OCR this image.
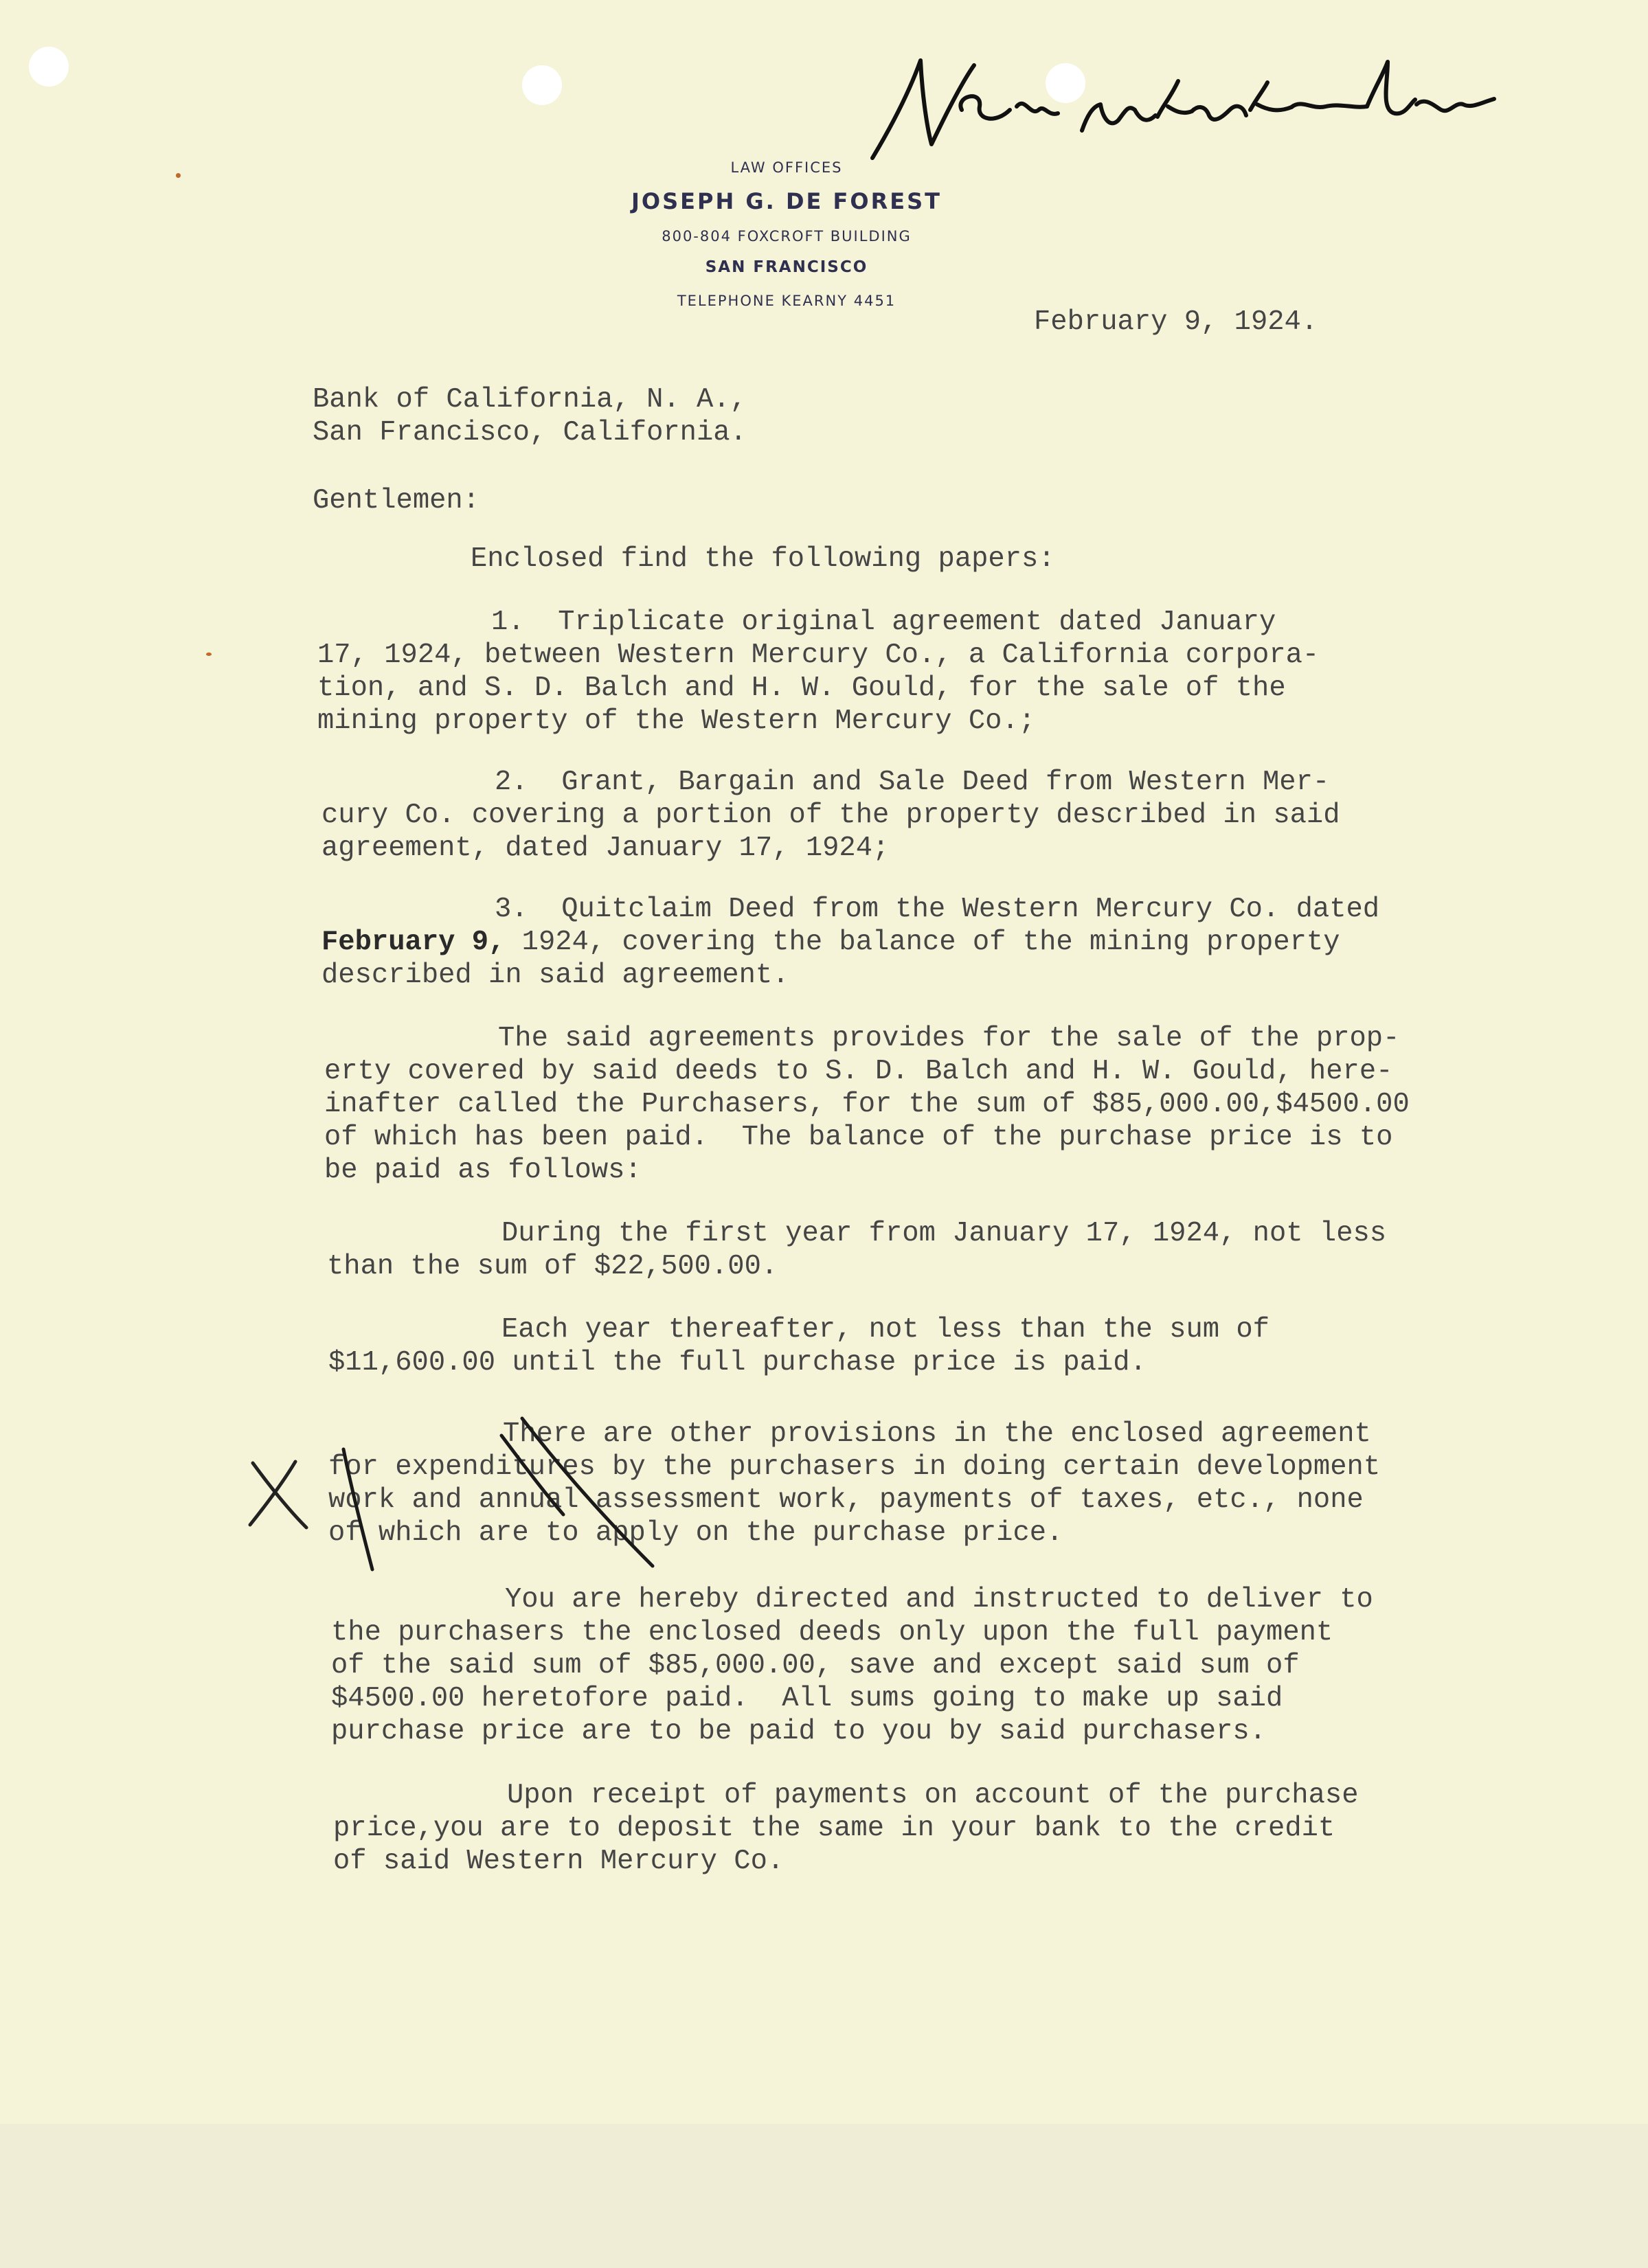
LAW OFFICES
JOSEPH G. DE FOREST
800-804 FOXCROFT BUILDING
SAN FRANCISCO
TELEPHONE KEARNY 4451
February 9, 1924.
Bank of California, N. A.,
San Francisco, California.
Gentlemen:
Enclosed find the following papers:
1.  Triplicate original agreement dated January
17, 1924, between Western Mercury Co., a California corpora-
tion, and S. D. Balch and H. W. Gould, for the sale of the
mining property of the Western Mercury Co.;
2.  Grant, Bargain and Sale Deed from Western Mer-
cury Co. covering a portion of the property described in said
agreement, dated January 17, 1924;
3.  Quitclaim Deed from the Western Mercury Co. dated
February 9, 1924, covering the balance of the mining property
described in said agreement.
The said agreements provides for the sale of the prop-
erty covered by said deeds to S. D. Balch and H. W. Gould, here-
inafter called the Purchasers, for the sum of $85,000.00,$4500.00
of which has been paid.  The balance of the purchase price is to
be paid as follows:
During the first year from January 17, 1924, not less
than the sum of $22,500.00.
Each year thereafter, not less than the sum of
$11,600.00 until the full purchase price is paid.
There are other provisions in the enclosed agreement
for expenditures by the purchasers in doing certain development
work and annual assessment work, payments of taxes, etc., none
of which are to apply on the purchase price.
You are hereby directed and instructed to deliver to
the purchasers the enclosed deeds only upon the full payment
of the said sum of $85,000.00, save and except said sum of
$4500.00 heretofore paid.  All sums going to make up said
purchase price are to be paid to you by said purchasers.
Upon receipt of payments on account of the purchase
price,you are to deposit the same in your bank to the credit
of said Western Mercury Co.
